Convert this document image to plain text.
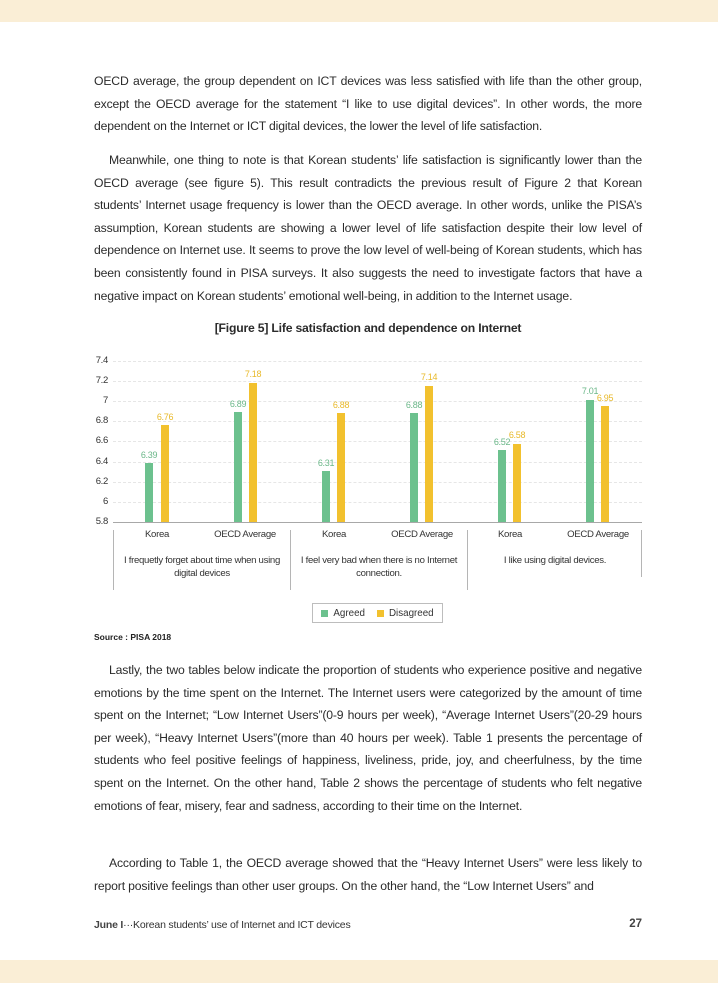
OECD average, the group dependent on ICT devices was less satisfied with life than the other group, except the OECD average for the statement “I like to use digital devices”. In other words, the more dependent on the Internet or ICT digital devices, the lower the level of life satisfaction.

Meanwhile, one thing to note is that Korean students’ life satisfaction is significantly lower than the OECD average (see figure 5). This result contradicts the previous result of Figure 2 that Korean students’ Internet usage frequency is lower than the OECD average. In other words, unlike the PISA’s assumption, Korean students are showing a lower level of life satisfaction despite their low level of dependence on Internet use. It seems to prove the low level of well-being of Korean students, which has been consistently found in PISA surveys. It also suggests the need to investigate factors that have a negative impact on Korean students’ emotional well-being, in addition to the Internet usage.

[Figure 5] Life satisfaction and dependence on Internet
7.4
7.2
7
6.8
6.6
6.4
6.2
6
5.8
6.39
6.76
6.89
7.18
6.31
6.88	6.88
7.14
6.52
6.58
7.01
6.95
Korea	OECD Average	Korea	OECD Average	Korea	OECD Average
I frequetly forget about time when using digital devices
I feel very bad when there is no Internet connection.
I like using digital devices.
Agreed Disagreed
Source : PISA 2018

Lastly, the two tables below indicate the proportion of students who experience positive and negative emotions by the time spent on the Internet. The Internet users were categorized by the amount of time spent on the Internet; “Low Internet Users”(0-9 hours per week), “Average Internet Users”(20-29 hours per week), “Heavy Internet Users”(more than 40 hours per week). Table 1 presents the percentage of students who feel positive feelings of happiness, liveliness, pride, joy, and cheerfulness, by the time spent on the Internet. On the other hand, Table 2 shows the percentage of students who felt negative emotions of fear, misery, fear and sadness, according to their time on the Internet.

According to Table 1, the OECD average showed that the “Heavy Internet Users” were less likely to report positive feelings than other user groups. On the other hand, the “Low Internet Users” and

June I···Korean students’ use of Internet and ICT devices	27
